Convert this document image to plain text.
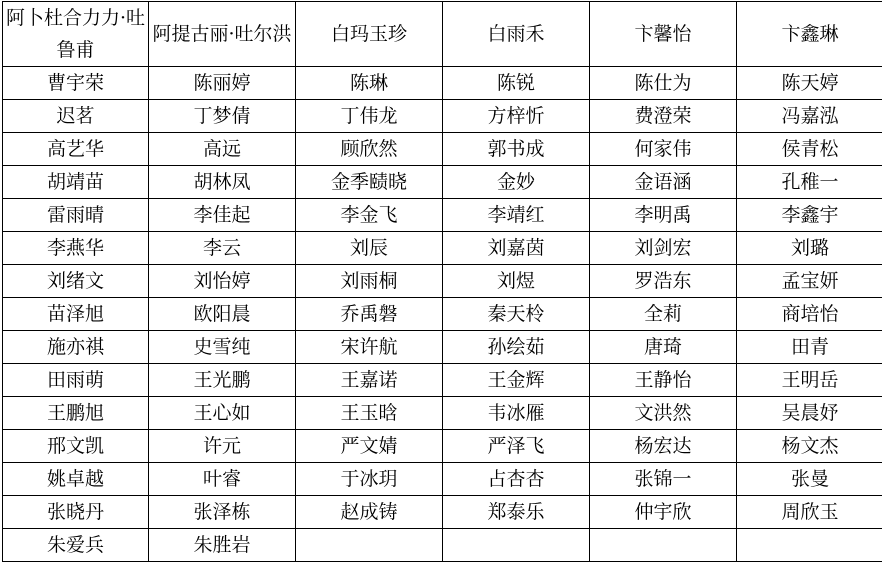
阿卜杜合力力·吐鲁甫	阿提古丽·吐尔洪	白玛玉珍	白雨禾	卞馨怡	卞鑫琳
曹宇荣	陈丽婷	陈琳	陈锐	陈仕为	陈天婷
迟茗	丁梦倩	丁伟龙	方梓忻	费澄荣	冯嘉泓
高艺华	高远	顾欣然	郭书成	何家伟	侯青松
胡靖苗	胡林凤	金季赜晓	金妙	金语涵	孔稚一
雷雨晴	李佳起	李金飞	李靖红	李明禹	李鑫宇
李燕华	李云	刘辰	刘嘉茵	刘剑宏	刘璐
刘绪文	刘怡婷	刘雨桐	刘煜	罗浩东	孟宝妍
苗泽旭	欧阳晨	乔禹磐	秦天柃	全莉	商培怡
施亦祺	史雪纯	宋许航	孙绘茹	唐琦	田青
田雨萌	王光鹏	王嘉诺	王金辉	王静怡	王明岳
王鹏旭	王心如	王玉晗	韦冰雁	文洪然	吴晨妤
邢文凯	许元	严文婧	严泽飞	杨宏达	杨文杰
姚卓越	叶睿	于冰玥	占杏杏	张锦一	张曼
张晓丹	张泽栋	赵成铸	郑泰乐	仲宇欣	周欣玉
朱爱兵	朱胜岩				
